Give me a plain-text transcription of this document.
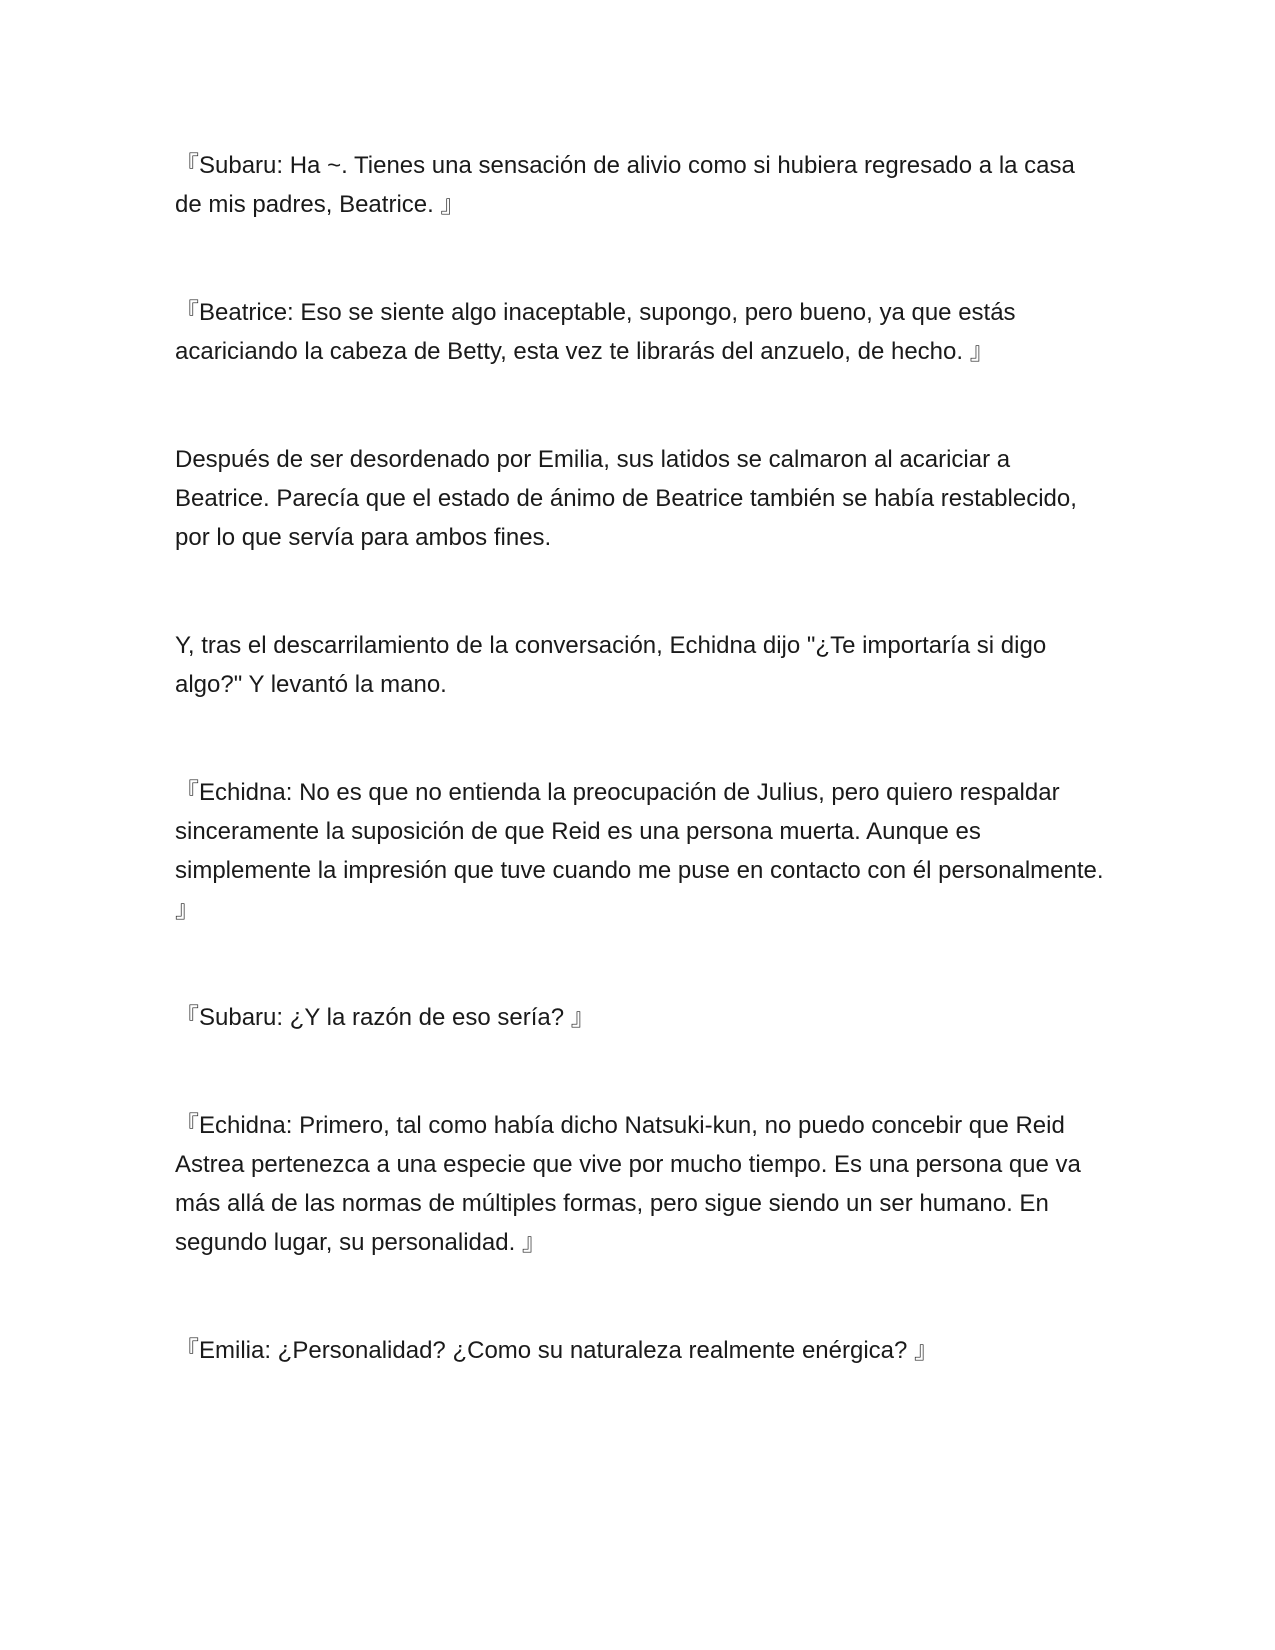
『Subaru: Ha ~. Tienes una sensación de alivio como si hubiera regresado a la casa de mis padres, Beatrice. 』

『Beatrice: Eso se siente algo inaceptable, supongo, pero bueno, ya que estás acariciando la cabeza de Betty, esta vez te librarás del anzuelo, de hecho. 』

Después de ser desordenado por Emilia, sus latidos se calmaron al acariciar a Beatrice. Parecía que el estado de ánimo de Beatrice también se había restablecido, por lo que servía para ambos fines.

Y, tras el descarrilamiento de la conversación, Echidna dijo "¿Te importaría si digo algo?" Y levantó la mano.

『Echidna: No es que no entienda la preocupación de Julius, pero quiero respaldar sinceramente la suposición de que Reid es una persona muerta. Aunque es simplemente la impresión que tuve cuando me puse en contacto con él personalmente. 』

『Subaru: ¿Y la razón de eso sería? 』

『Echidna: Primero, tal como había dicho Natsuki-kun, no puedo concebir que Reid Astrea pertenezca a una especie que vive por mucho tiempo. Es una persona que va más allá de las normas de múltiples formas, pero sigue siendo un ser humano. En segundo lugar, su personalidad. 』

『Emilia: ¿Personalidad? ¿Como su naturaleza realmente enérgica? 』
